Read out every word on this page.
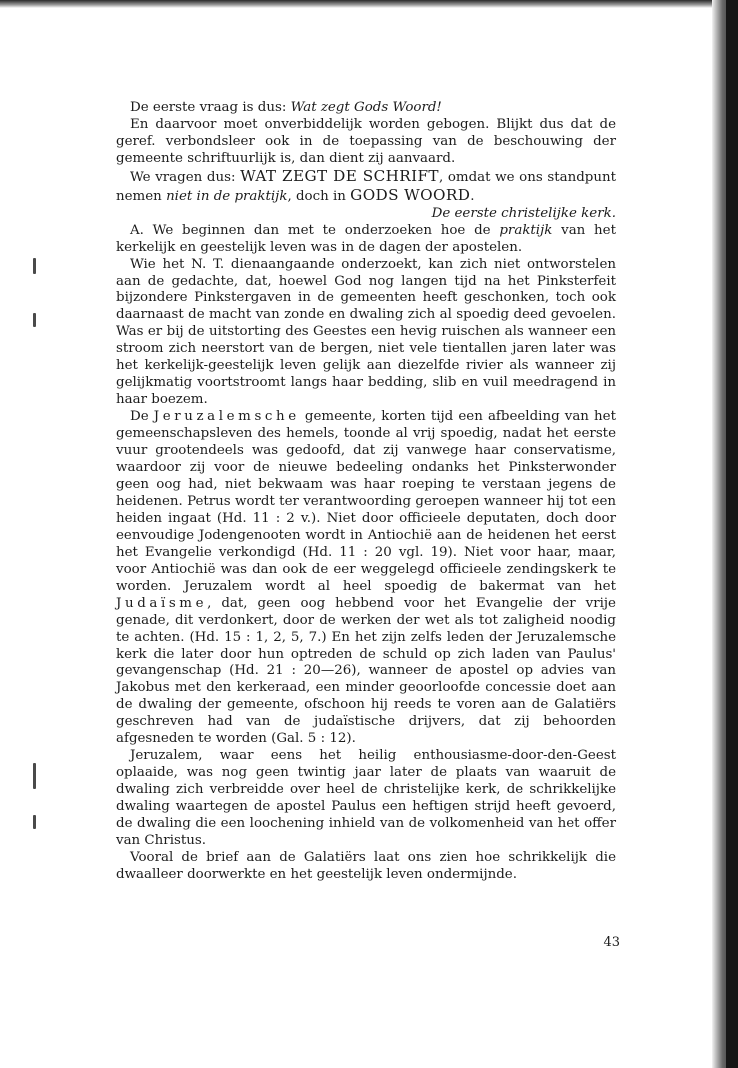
De eerste vraag is dus: Wat zegt Gods Woord!

En daarvoor moet onverbiddelijk worden gebogen. Blijkt dus dat de geref. verbondsleer ook in de toepassing van de beschouwing der gemeente schriftuurlijk is, dan dient zij aanvaard.

We vragen dus: WAT ZEGT DE SCHRIFT, omdat we ons standpunt nemen niet in de praktijk, doch in GODS WOORD.

De eerste christelijke kerk.

A. We beginnen dan met te onderzoeken hoe de praktijk van het kerkelijk en geestelijk leven was in de dagen der apostelen.

Wie het N. T. dienaangaande onderzoekt, kan zich niet ontworstelen aan de gedachte, dat, hoewel God nog langen tijd na het Pinksterfeit bijzondere Pinkstergaven in de gemeenten heeft geschonken, toch ook daarnaast de macht van zonde en dwaling zich al spoedig deed gevoelen. Was er bij de uitstorting des Geestes een hevig ruischen als wanneer een stroom zich neerstort van de bergen, niet vele tientallen jaren later was het kerkelijk-geestelijk leven gelijk aan diezelfde rivier als wanneer zij gelijkmatig voortstroomt langs haar bedding, slib en vuil meedragend in haar boezem.

De Jeruzalemsche gemeente, korten tijd een afbeelding van het gemeenschapsleven des hemels, toonde al vrij spoedig, nadat het eerste vuur grootendeels was gedoofd, dat zij vanwege haar conservatisme, waardoor zij voor de nieuwe bedeeling ondanks het Pinksterwonder geen oog had, niet bekwaam was haar roeping te verstaan jegens de heidenen. Petrus wordt ter verantwoording geroepen wanneer hij tot een heiden ingaat (Hd. 11 : 2 v.). Niet door officieele deputaten, doch door eenvoudige Jodengenooten wordt in Antiochië aan de heidenen het eerst het Evangelie verkondigd (Hd. 11 : 20 vgl. 19). Niet voor haar, maar, voor Antiochië was dan ook de eer weggelegd officieele zendingskerk te worden. Jeruzalem wordt al heel spoedig de bakermat van het Judaïsme, dat, geen oog hebbend voor het Evangelie der vrije genade, dit verdonkert, door de werken der wet als tot zaligheid noodig te achten. (Hd. 15 : 1, 2, 5, 7.) En het zijn zelfs leden der Jeruzalemsche kerk die later door hun optreden de schuld op zich laden van Paulus' gevangenschap (Hd. 21 : 20—26), wanneer de apostel op advies van Jakobus met den kerkeraad, een minder geoorloofde concessie doet aan de dwaling der gemeente, ofschoon hij reeds te voren aan de Galatiërs geschreven had van de judaïstische drijvers, dat zij behoorden afgesneden te worden (Gal. 5 : 12).

Jeruzalem, waar eens het heilig enthousiasme-door-den-Geest oplaaide, was nog geen twintig jaar later de plaats van waaruit de dwaling zich verbreidde over heel de christelijke kerk, de schrikkelijke dwaling waartegen de apostel Paulus een heftigen strijd heeft gevoerd, de dwaling die een loochening inhield van de volkomenheid van het offer van Christus.

Vooral de brief aan de Galatiërs laat ons zien hoe schrikkelijk die dwaalleer doorwerkte en het geestelijk leven ondermijnde.

43
